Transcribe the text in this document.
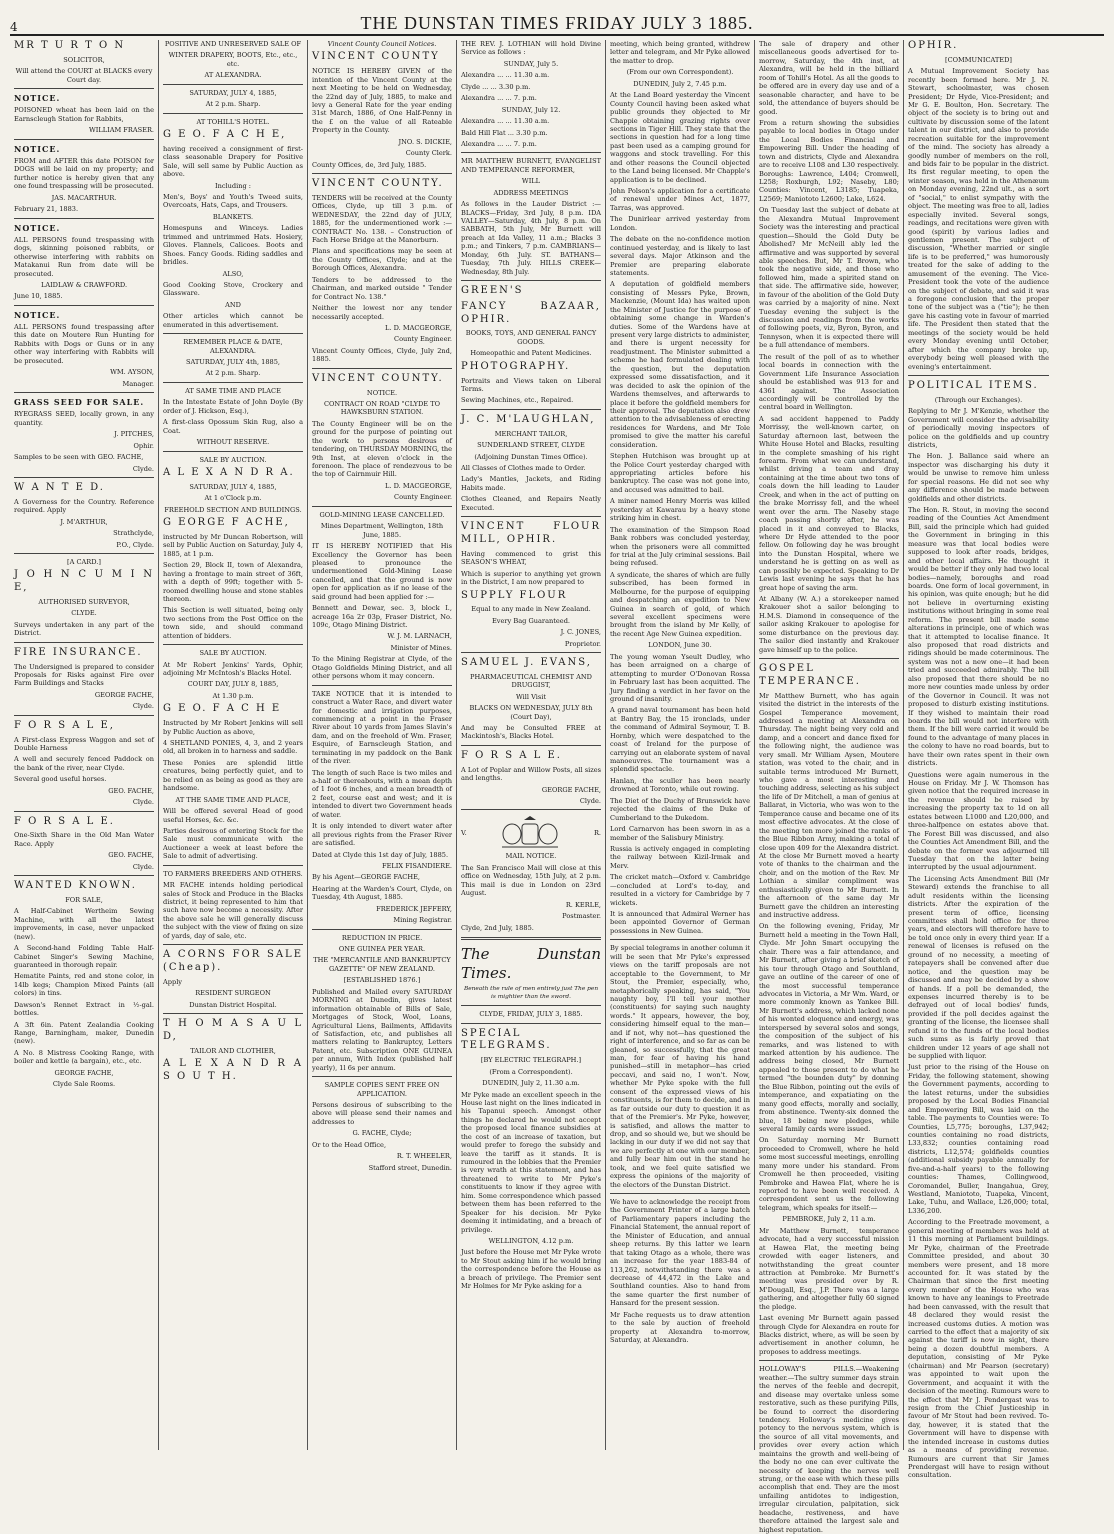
4	THE DUNSTAN TIMES FRIDAY JULY 3 1885.

MR T U R T O N

SOLICITOR,

Will attend the COURT at BLACKS every Court day.

NOTICE.

POISONED wheat has been laid on the Earnscleugh Station for Rabbits,

WILLIAM FRASER.

NOTICE.

FROM and AFTER this date POISON for DOGS will be laid on my property; and further notice is hereby given that any one found trespassing will be prosecuted.

JAS. MACARTHUR.

February 21, 1883.

NOTICE.

ALL PERSONS found trespassing with dogs, skinning poisoned rabbits, or otherwise interfering with rabbits on Matakanui Run from date will be prosecuted.

LAIDLAW & CRAWFORD.

June 10, 1885.

NOTICE.

ALL PERSONS found trespassing after this date on Moutere Run Hunting for Rabbits with Dogs or Guns or in any other way interfering with Rabbits will be prosecuted.

WM. AYSON,

Manager.

GRASS SEED FOR SALE.

RYEGRASS SEED, locally grown, in any quantity.

J. PITCHES,

Ophir.

Samples to be seen with GEO. FACHE,

Clyde.

W A N T E D.

A Governess for the Country. Reference required. Apply

J. M'ARTHUR,

Strathclyde,

P.O., Clyde.

[A CARD.]

J O H N C U M I N E,

AUTHORISED SURVEYOR,

CLYDE.

Surveys undertaken in any part of the District.

FIRE INSURANCE.

The Undersigned is prepared to consider Proposals for Risks against Fire over Farm Buildings and Stacks

GEORGE FACHE,

Clyde.

F O R S A L E,

A First-class Express Waggon and set of Double Harness

A well and securely fenced Paddock on the bank of the river, near Clyde.

Several good useful horses.

GEO. FACHE,

Clyde.

F O R S A L E.

One-Sixth Share in the Old Man Water Race. Apply

GEO. FACHE,

Clyde.

WANTED KNOWN.

FOR SALE,

A Half-Cabinet Wertheim Sewing Machine, with all the latest improvements, in case, never unpacked (new).

A Second-hand Folding Table Half-Cabinet Singer's Sewing Machine, guaranteed in thorough repair.

Hematite Paints, red and stone color, in 14lb kegs; Champion Mixed Paints (all colors) in tins.

Dawson's Rennet Extract in ½-gal. bottles.

A 3ft 6in. Patent Zealandia Cooking Range, Barningham, maker, Dunedin (new).

A No. 8 Mistress Cooking Range, with boiler and kettle (a bargain), etc., etc.

GEORGE FACHE,

Clyde Sale Rooms.

POSITIVE AND UNRESERVED SALE OF

WINTER DRAPERY, BOOTS, Etc., etc., etc.

AT ALEXANDRA.

SATURDAY, JULY 4, 1885,

At 2 p.m. Sharp.

AT TOHILL'S HOTEL.

G E O. F A C H E,

having received a consignment of first-class seasonable Drapery for Positive Sale, will sell same by Public Auction as above.

Including :

Men's, Boys' and Youth's Tweed suits, Overcoats, Hats, Caps, and Trousers.

BLANKETS.

Homespuns and Winceys. Ladies trimmed and untrimmed Hats. Hosiery, Gloves. Flannels, Calicoes. Boots and Shoes. Fancy Goods. Riding saddles and bridles.

ALSO,

Good Cooking Stove, Crockery and Glassware.

AND

Other articles which cannot be enumerated in this advertisement.

REMEMBER PLACE & DATE, ALEXANDRA.

SATURDAY, JULY 4th, 1885,

At 2 p.m. Sharp.

AT SAME TIME AND PLACE

In the Intestate Estate of John Doyle (By order of J. Hickson, Esq.),

A first-class Opossum Skin Rug, also a Coat.

WITHOUT RESERVE.

SALE BY AUCTION.

A L E X A N D R A.

SATURDAY, JULY 4, 1885,

At 1 o'Clock p.m.

FREEHOLD SECTION AND BUILDINGS.

G EORGE F ACHE,

instructed by Mr Duncan Robertson, will sell by Public Auction on Saturday, July 4, 1885, at 1 p.m.

Section 29, Block II, town of Alexandra, having a frontage to main street of 36ft, with a depth of 99ft; together with 5-roomed dwelling house and stone stables thereon.

This Section is well situated, being only two sections from the Post Office on the town side, and should command attention of bidders.

SALE BY AUCTION.

At Mr Robert Jenkins' Yards, Ophir, adjoining Mr McIntosh's Blacks Hotel.

COURT DAY, JULY 8, 1885,

At 1.30 p.m.

G E O. F A C H E

Instructed by Mr Robert Jenkins will sell by Public Auction as above,

4 SHETLAND PONIES, 4, 3, and 2 years old, all broken in to harness and saddle.

These Ponies are splendid little creatures, being perfectly quiet, and to be relied on as being as good as they are handsome.

AT THE SAME TIME AND PLACE,

Will be offered several Head of good useful Horses, &c. &c.

Parties desirous of entering Stock for the Sale must communicate with the Auctioneer a week at least before the Sale to admit of advertising.

TO FARMERS BREEDERS AND OTHERS.

MR FACHE intends holding periodical sales of Stock and Produce in the Blacks district, it being represented to him that such have now become a necessity. After the above sale he will generally discuss the subject with the view of fixing on size of yards, day of sale, etc.

A CORNS FOR SALE (Cheap).

Apply

RESIDENT SURGEON

Dunstan District Hospital.

T H O M A S A U L D,

TAILOR AND CLOTHIER,

A L E X A N D R A S O U T H.

Vincent County Council Notices.

VINCENT COUNTY

NOTICE IS HEREBY GIVEN of the intention of the Vincent County at the next Meeting to be held on Wednesday, the 22nd day of July, 1885, to make and levy a General Rate for the year ending 31st March, 1886, of One Half-Penny in the £ on the value of all Rateable Property in the County.

JNO. S. DICKIE,

County Clerk.

County Offices, de, 3rd July, 1885.

VINCENT COUNTY.

TENDERS will be received at the County Offices, Clyde, up till 3 p.m. of WEDNESDAY, the 22nd day of JULY, 1885, for the undermentioned work :—CONTRACT No. 138. – Construction of Fach Horse Bridge at the Manorburn.

Plans and specifications may be seen at the County Offices, Clyde; and at the Borough Offices, Alexandra.

Tenders to be addressed to the Chairman, and marked outside " Tender for Contract No. 138."

Neither the lowest nor any tender necessarily accepted.

L. D. MACGEORGE,

County Engineer.

Vincent County Offices, Clyde, July 2nd, 1885.

VINCENT COUNTY.

NOTICE.

CONTRACT ON ROAD "CLYDE TO HAWKSBURN STATION.

The County Engineer will be on the ground for the purpose of pointing out the work to persons desirous of tendering, on THURSDAY MORNING, the 9th Inst, at eleven o'clock in the forenoon. The place of rendezvous to be the top of Cairnmuir Hill.

L. D. MACGEORGE,

County Engineer.

GOLD-MINING LEASE CANCELLED.

Mines Department, Wellington, 18th June, 1885.

IT IS HEREBY NOTIFIED that His Excellency the Governor has been pleased to pronounce the undermentioned Gold-Mining Lease cancelled, and that the ground is now open for application as if no lease of the said ground had been applied for :—

Bennett and Dewar, sec. 3, block I., acreage 16a 2r 03p, Fraser District, No. 109c, Otago Mining District.

W. J. M. LARNACH,

Minister of Mines.

To the Mining Registrar at Clyde, of the Otago Goldfields Mining District, and all other persons whom it may concern.

TAKE NOTICE that it is intended to construct a Water Race, and divert water for domestic and irrigation purposes, commencing at a point in the Fraser River about 10 yards from James Slavin's dam, and on the freehold of Wm. Fraser, Esquire, of Earnscleugh Station, and terminating in my paddock on the Bank of the river.

The length of such Race is two miles and a-half or thereabouts, with a mean depth of 1 foot 6 inches, and a mean breadth of 2 feet, course east and west; and it is intended to divert two Government heads of water.

It is only intended to divert water after all previous rights from the Fraser River are satisfied.

Dated at Clyde this 1st day of July, 1885.

FELIX FISANDIERE.

By his Agent—GEORGE FACHE,

Hearing at the Warden's Court, Clyde, on Tuesday, 4th August, 1885.

FREDERICK JEFFERY,

Mining Registrar.

REDUCTION IN PRICE.

ONE GUINEA PER YEAR.

THE "MERCANTILE AND BANKRUPTCY GAZETTE" OF NEW ZEALAND.

[ESTABLISHED 1876.]

Published and Mailed every SATURDAY MORNING at Dunedin, gives latest information obtainable of Bills of Sale, Mortgages of Stock, Wool, Loans, Agricultural Liens, Bailments, Affidavits of Satisfaction, etc, and publishes all matters relating to Bankruptcy, Letters Patent, etc. Subscription ONE GUINEA per annum, With Index (published half yearly), 1l 6s per annum.

SAMPLE COPIES SENT FREE ON APPLICATION.

Persons desirous of subscribing to the above will please send their names and addresses to

G. FACHE, Clyde;

Or to the Head Office,

R. T. WHEELER,

Stafford street, Dunedin.

THE REV. J. LOTHIAN will hold Divine Service as follows :

SUNDAY, July 5.

Alexandra ... ... 11.30 a.m.

Clyde ... ... 3.30 p.m.

Alexandra ... ... 7. p.m.

SUNDAY, July 12.

Alexandra ... ... 11.30 a.m.

Bald Hill Flat ... 3.30 p.m.

Alexandra ... ... 7. p.m.

MR MATTHEW BURNETT, EVANGELIST AND TEMPERANCE REFORMER,

WILL

ADDRESS MEETINGS

As follows in the Lauder District :—BLACKS—Friday, 3rd July, 8 p.m. IDA VALLEY—Saturday, 4th July, 8 p.m. On SABBATH, 5th July, Mr Burnett will preach at Ida Valley, 11 a.m.; Blacks 3 p.m.; and Tinkers, 7 p.m. CAMBRIANS—Monday, 6th July. ST. BATHANS—Tuesday, 7th July. HILLS CREEK—Wednesday, 8th July.

GREEN'S

FANCY BAZAAR, OPHIR.

BOOKS, TOYS, AND GENERAL FANCY GOODS.

Homeopathic and Patent Medicines.

PHOTOGRAPHY.

Portraits and Views taken on Liberal Terms.

Sewing Machines, etc., Repaired.

J. C. M'LAUGHLAN,

MERCHANT TAILOR,

SUNDERLAND STREET, CLYDE

(Adjoining Dunstan Times Office).

All Classes of Clothes made to Order.

Lady's Mantles, Jackets, and Riding Habits made.

Clothes Cleaned, and Repairs Neatly Executed.

VINCENT FLOUR MILL, OPHIR.

Having commenced to grist this SEASON'S WHEAT,

Which is superior to anything yet grown in the District, I am now prepared to

SUPPLY FLOUR

Equal to any made in New Zealand.

Every Bag Guaranteed.

J. C. JONES,

Proprietor.

SAMUEL J. EVANS,

PHARMACEUTICAL CHEMIST AND DRUGGIST,

Will Visit

BLACKS ON WEDNESDAY, JULY 8th (Court Day),

And may be Consulted FREE at Mackintosh's, Blacks Hotel.

F O R S A L E.

A Lot of Poplar and Willow Posts, all sizes and lengths.

GEORGE FACHE,

Clyde.

V.	R.

MAIL NOTICE.

The San Francisco Mail will close at this office on Wednesday, 15th July, at 2 p.m. This mail is due in London on 23rd August.

R. KERLE,

Postmaster.

Clyde, 2nd July, 1885.

The Dunstan Times.

Beneath the rule of men entirely just The pen is mightier than the sword.

CLYDE, FRIDAY, JULY 3, 1885.

SPECIAL TELEGRAMS.

[BY ELECTRIC TELEGRAPH.]

(From a Correspondent).

DUNEDIN, July 2, 11.30 a.m.

Mr Pyke made an excellent speech in the House last night on the lines indicated in his Tapanui speech. Amongst other things he declared he would not accept the proposed local finance subsidies at the cost of an increase of taxation, but would prefer to forego the subsidy and leave the tariff as it stands. It is rumoured in the lobbies that the Premier is very wrath at this statement, and has threatened to write to Mr Pyke's constituents to know if they agree with him. Some correspondence which passed between them has been referred to the Speaker for his decision. Mr Pyke deeming it intimidating, and a breach of privilege.

WELLINGTON, 4.12 p.m.

Just before the House met Mr Pyke wrote to Mr Stout asking him if he would bring the correspondence before the House as a breach of privilege. The Premier sent Mr Holmes for Mr Pyke asking for a

meeting, which being granted, withdrew letter and telegram, and Mr Pyke allowed the matter to drop.

(From our own Correspondent).

DUNEDIN, July 2, 7.45 p.m.

At the Land Board yesterday the Vincent County Council having been asked what public grounds they objected to Mr Chappie obtaining grazing rights over sections in Tiger Hill. They state that the sections in question had for a long time past been used as a camping ground for waggons and stock travelling. For this and other reasons the Council objected to the Land being licensed. Mr Chapple's application is to be declined.

John Polson's application for a certificate of renewal under Mines Act, 1877, Tarras, was approved.

The Dunirlear arrived yesterday from London.

The debate on the no-confidence motion continued yesterday, and is likely to last several days. Major Atkinson and the Premier are preparing elaborate statements.

A deputation of goldfield members consisting of Messrs Pyke, Brown, Mackenzie, (Mount Ida) has waited upon the Minister of Justice for the purpose of obtaining some change in Warden's duties. Some of the Wardens have at present very large districts to administer, and there is urgent necessity for readjustment. The Minister submitted a scheme he had formulated dealing with the question, but the deputation expressed some dissatisfaction, and it was decided to ask the opinion of the Wardens themselves, and afterwards to place it before the goldfield members for their approval. The deputation also drew attention to the advisableness of erecting residences for Wardens, and Mr Tole promised to give the matter his careful consideration.

Stephen Hutchison was brought up at the Police Court yesterday charged with appropriating articles before his bankruptcy. The case was not gone into, and accused was admitted to bail.

A miner named Henry Morris was killed yesterday at Kawarau by a heavy stone striking him in chest.

The examination of the Simpson Road Bank robbers was concluded yesterday, when the prisoners were all committed for trial at the July criminal sessions. Bail being refused.

A syndicate, the shares of which are fully subscribed, has been formed in Melbourne, for the purpose of equipping and despatching an expedition to New Guinea in search of gold, of which several excellent specimens were brought from the island by Mr Kelly, of the recent Age New Guinea expedition.

LONDON, June 30.

The young woman Yseult Dudley, who has been arraigned on a charge of attempting to murder O'Donovan Rossa in February last has been acquitted. The Jury finding a verdict in her favor on the ground of insanity.

A grand naval tournament has been held at Bantry Bay, the 15 ironclads, under the command of Admiral Seymour, T. B. Hornby, which were despatched to the coast of Ireland for the purpose of carrying out an elaborate system of naval manoeuvres. The tournament was a splendid spectacle.

Hanlan, the sculler has been nearly drowned at Toronto, while out rowing.

The Diet of the Duchy of Brunswick have rejected the claims of the Duke of Cumberland to the Dukedom.

Lord Carnarvon has been sworn in as a member of the Salisbury Ministry.

Russia is actively engaged in completing the railway between Kizil-Irmak and Merv.

The cricket match—Oxford v. Cambridge —concluded at Lord's to-day, and resulted in a victory for Cambridge by 7 wickets.

It is announced that Admiral Werner has been appointed Governor of German possessions in New Guinea.

By special telegrams in another column it will be seen that Mr Pyke's expressed views on the tariff proposals are not acceptable to the Government, to Mr Stout, the Premier, especially, who, metaphorically speaking, has said, "You naughty boy, I'll tell your mother (constituents) for saying such naughty words." It appears, however, the boy, considering himself equal to the man—and if not, why not—has questioned the right of interference, and so far as can be gleaned, so successfully, that the great man, for fear of having his hand punished—still in metaphor—has cried peccavi, and said no, I won't. Now, whether Mr Pyke spoke with the full consent of the expressed views of his constituents, is for them to decide, and in as far outside our duty to question it as that of the Premier's. Mr Pyke, however, is satisfied, and allows the matter to drop, and so should we, but we should be lacking in our duty if we did not say that we are perfectly at one with our member, and fully bear him out in the stand he took, and we feel quite satisfied we express the opinions of the majority of the electors of the Dunstan District.

We have to acknowledge the receipt from the Government Printer of a large batch of Parliamentary papers including the Financial Statement, the annual report of the Minister of Education, and annual sheep returns. By this latter we learn that taking Otago as a whole, there was an increase for the year 1883-84 of 113,262, notwithstanding there was a decrease of 44,472 in the Lake and Southland counties. Also to hand from the same quarter the first number of Hansard for the present session.

Mr Fache requests us to draw attention to the sale by auction of freehold property at Alexandra to-morrow, Saturday, at Alexandra.

The sale of drapery and other miscellaneous goods advertised for to-morrow, Saturday, the 4th inst, at Alexandra, will be held in the billiard room of Tohill's Hotel. As all the goods to be offered are in every day use and of a seasonable character, and have to be sold, the attendance of buyers should be good.

From a return showing the subsidies payable to local bodies in Otago under the Local Bodies Financial and Empowering Bill. Under the heading of town and districts, Clyde and Alexandra are to receive L108 and L30 respectively. Boroughs: Lawrence, L404; Cromwell, L258; Roxburgh, L92; Naseby, L80; Counties: Vincent, L3185; Tuapeka, L2569; Maniototo L2600; Lake, L624.

On Tuesday last the subject of debate at the Alexandra Mutual Improvement Society was the interesting and practical question—Should the Gold Duty be Abolished? Mr McNeill ably led the affirmative and was supported by several able speeches. But, Mr T. Brown, who took the negative side, and those who followed him, made a spirited stand on that side. The affirmative side, however, in favour of the abolition of the Gold Duty was carried by a majority of nine. Next Tuesday evening the subject is the discussion and readings from the works of following poets, viz, Byron, Byron, and Tennyson, when it is expected there will be a full attendance of members.

The result of the poll of as to whether local boards in connection with the Government Life Insurance Association should be established was 913 for and 4361 against. The Association accordingly will be controlled by the central board in Wellington.

A sad accident happened to Paddy Morrissy, the well-known carter, on Saturday afternoon last, between the White House Hotel and Blacks, resulting in the complete smashing of his right forearm. From what we can understand, whilst driving a team and dray containing at the time about two tons of coals down the hill leading to Lauder Creek, and when in the act of putting on the brake Morrissy fell, and the wheel went over the arm. The Naseby stage coach passing shortly after, he was placed in it and conveyed to Blacks, where Dr Hyde attended to the poor fellow. On following day he was brought into the Dunstan Hospital, where we understand he is getting on as well as can possibly be expected. Speaking to Dr Lewis last evening he says that he has great hope of saving the arm.

At Albany (W. A.) a storekeeper named Krakouer shot a sailor belonging to H.M.S. Diamond in consequence of the sailor asking Krakouer to apologise for some disturbance on the previous day. The sailor died instantly and Krakouer gave himself up to the police.

GOSPEL TEMPERANCE.

Mr Matthew Burnett, who has again visited the district in the interests of the Gospel Temperance movement, addressed a meeting at Alexandra on Thursday. The night being very cold and damp, and a concert and dance fixed for the following night, the audience was very small. Mr William Aysen, Moutere station, was voted to the chair, and in suitable terms introduced Mr Burnett, who gave a most interesting and touching address, selecting as his subject the life of Dr Mitchell, a man of genius at Ballarat, in Victoria, who was won to the Temperance cause and became one of its most effective advocates. At the close of the meeting ten more joined the ranks of the Blue Ribbon Army, making a total of close upon 409 for the Alexandra district. At the close Mr Burnett moved a hearty vote of thanks to the chairman and the choir, and on the motion of the Rev. Mr Lothian a similar compliment was enthusiastically given to Mr Burnett. In the afternoon of the same day Mr Burnett gave the children an interesting and instructive address.

On the following evening, Friday, Mr Burnett held a meeting in the Town Hall, Clyde. Mr John Smart occupying the chair. There was a fair attendance, and Mr Burnett, after giving a brief sketch of his tour through Otago and Southland, gave an outline of the career of one of the most successful temperance advocates in Victoria, a Mr Wm. Ward, or more commonly known as Yankee Bill. Mr Burnett's address, which lacked none of his wonted eloquence and energy, was interspersed by several solos and songs, the composition of the subject of his remarks, and was listened to with marked attention by his audience. The address being closed, Mr Burnett appealed to those present to do what he termed "the bounden duty" by donning the Blue Ribbon, pointing out the evils of intemperance, and expatiating on the many good effects, morally and socially, from abstinence. Twenty-six donned the blue, 18 being new pledges, while several family cards were issued.

On Saturday morning Mr Burnett proceeded to Cromwell, where he held some most successful meetings, enrolling many more under his standard. From Cromwell he then proceeded, visiting Pembroke and Hawea Flat, where he is reported to have been well received. A correspondent sent us the following telegram, which speaks for itself:—

PEMBROKE, July 2, 11 a.m.

Mr Matthew Burnett, temperance advocate, had a very successful mission at Hawea Flat, the meeting being crowded with eager listeners, and notwithstanding the great counter attraction at Pembroke. Mr Burnett's meeting was presided over by R. M'Dougall, Esq., J.P. There was a large gathering, and altogether fully 60 signed the pledge.

Last evening Mr Burnett again passed through Clyde for Alexandra en route for Blacks district, where, as will be seen by advertisement in another column, he proposes to address meetings.

HOLLOWAY'S PILLS.—Weakening weather.—The sultry summer days strain the nerves of the feeble and decrepit, and disease may overtake unless some restorative, such as these purifying Pills, be found to correct the disordering tendency. Holloway's medicine gives potency to the nervous system, which is the source of all vital movements, and provides over every action which maintains the growth and well-being of the body no one can ever cultivate the necessity of keeping the nerves well strung, or the ease with which these pills accomplish that end. They are the most unfailing antidotes to indigestion, irregular circulation, palpitation, sick headache, restiveness, and have therefore attained the largest sale and highest reputation.

OPHIR.

[COMMUNICATED]

A Mutual Improvement Society has recently been formed here. Mr J. N. Stewart, schoolmaster, was chosen President; Dr Hyde, Vice-President; and Mr G. E. Boulton, Hon. Secretary. The object of the society is to bring out and cultivate by discussion some of the latent talent in our district, and also to provide recreation suitable for the improvement of the mind. The society has already a goodly number of members on the roll, and bids fair to be popular in the district. Its first regular meeting, to open the winter season, was held in the Athenæum on Monday evening, 22nd ult., as a sort of "social," to enlist sympathy with the object. The meeting was free to all, ladies especially invited. Several songs, readings, and recitations were given with good (spirit) by various ladies and gentlemen present. The subject of discussion, "Whether married or single life is to be preferred," was humorously treated for the sake of adding to the amusement of the evening. The Vice-President took the vote of the audience on the subject of debate, and said it was a foregone conclusion that the proper tone of the subject was a ("tie"); he then gave his casting vote in favour of married life. The President then stated that the meetings of the society would be held every Monday evening until October, after which the company broke up, everybody being well pleased with the evening's entertainment.

POLITICAL ITEMS.

(Through our Exchanges).

Replying to Mr J. M'Kenzie, whether the Government will consider the advisability of periodically moving inspectors of police on the goldfields and up country districts,

The Hon. J. Ballance said where an inspector was discharging his duty it would be unwise to remove him unless for special reasons. He did not see why any difference should be made between goldfields and other districts.

The Hon. R. Stout, in moving the second reading of the Counties Act Amendment Bill, said the principle which had guided the Government in bringing in this measure was that local bodies were supposed to look after roads, bridges, and other local affairs. He thought it would be better if they only had two local bodies—namely, boroughs and road boards. One form of local government, in his opinion, was quite enough; but he did not believe in overturning existing institutions without bringing in some real reform. The present bill made some alterations in principle, one of which was that it attempted to localise finance. It also proposed that road districts and ridings should be made coterminous. The system was not a new one—it had been tried and succeeded admirably. The bill also proposed that there should be no more new counties made unless by order of the Governor in Council. It was not proposed to disturb existing institutions. If they wished to maintain their road boards the bill would not interfere with them. If the bill were carried it would be found to the advantage of many places in the colony to have no road boards, but to have their own rates spent in their own districts.

Questions were again numerous in the House on Friday. Mr J. W. Thomson has given notice that the required increase in the revenue should be raised by increasing the property tax to 1d on all estates between L1000 and L20,000, and three-halfpence on estates above that. The Forest Bill was discussed, and also the Counties Act Amendment Bill, and the debate on the former was adjourned till Tuesday that on the latter being interrupted by the usual adjournment.

The Licensing Acts Amendment Bill (Mr Steward) extends the franchise to all adult residents within the licensing districts. After the expiration of the present term of office, licensing committees shall hold office for three years, and electors will therefore have to be told once only in every third year. If a renewal of licenses is refused on the ground of no necessity, a meeting of ratepayers shall be convened after due notice, and the question may be discussed and may be decided by a show of hands. If a poll be demanded, the expenses incurred thereby is to be defrayed out of local bodies' funds, provided if the poll decides against the granting of the license, the licensee shall refund it to the funds of the local bodies such sums as is fairly proved that children under 12 years of age shall not be supplied with liquor.

Just prior to the rising of the House on Friday, the following statement, showing the Government payments, according to the latest returns, under the subsidies proposed by the Local Bodies Financial and Empowering Bill, was laid on the table. The payments to Counties were: To Counties, L5,775; boroughs, L37,942; counties containing no road districts, L33,832; counties containing road districts, L12,574; goldfields counties (additional subsidy payable annually for five-and-a-half years) to the following counties: Thames, Collingwood, Coromandel, Buller, Inangahua, Grey, Westland, Maniototo, Tuapeka, Vincent, Lake, Tuhu, and Wallace, L26,000; total, L336,200.

According to the Freetrade movement, a general meeting of members was held at 11 this morning at Parliament buildings. Mr Pyke, chairman of the Freetrade Committee presided, and about 30 members were present, and 18 more accounted for. It was stated by the Chairman that since the first meeting every member of the House who was known to have any leanings to Freetrade had been canvassed, with the result that 48 declared they would resist the increased customs duties. A motion was carried to the effect that a majority of six against the tariff is now in sight, there being a dozen doubtful members. A deputation, consisting of Mr Pyke (chairman) and Mr Pearson (secretary) was appointed to wait upon the Government, and acquaint it with the decision of the meeting. Rumours were to the effect that Mr J. Pendergast was to resign from the Chief Justiceship in favour of Mr Stout had been revived. To-day, however, it is stated that the Government will have to dispense with the intended increase in customs duties as a means of providing revenue. Rumours are current that Sir James Prendergast will have to resign without consultation.
